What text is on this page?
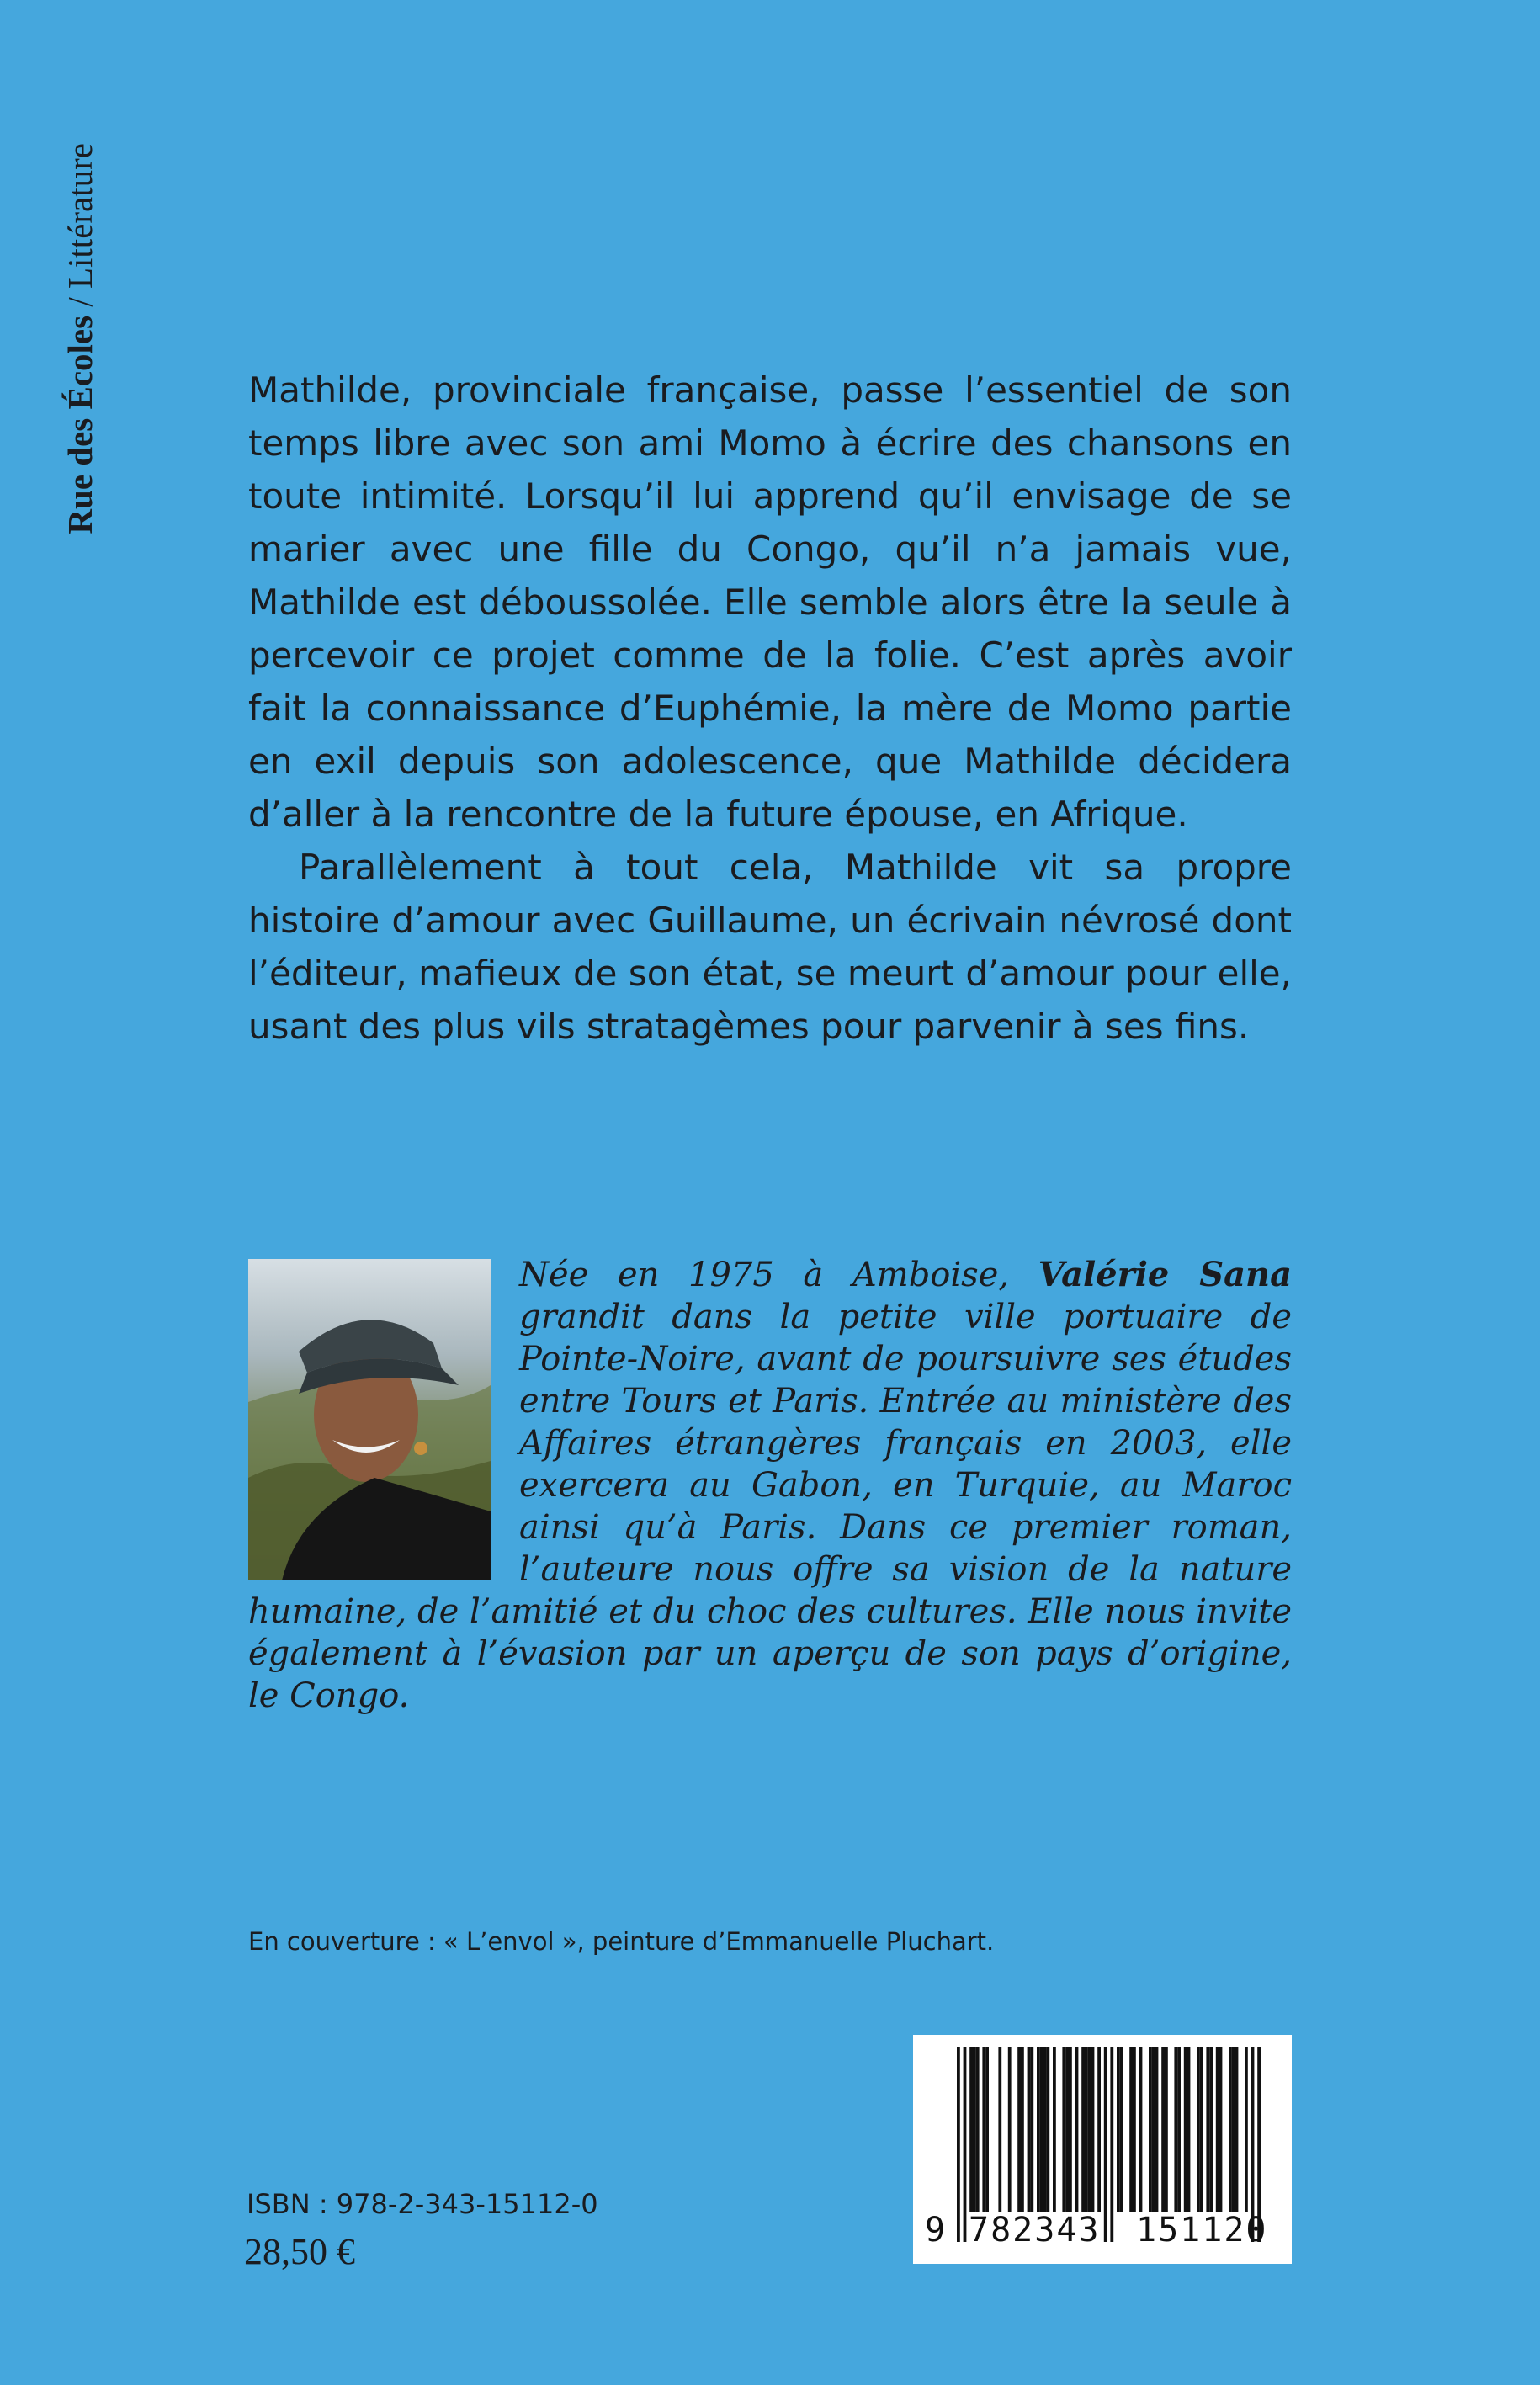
Rue des Écoles / Littérature

Mathilde, provinciale française, passe l’essentiel de son temps libre avec son ami Momo à écrire des chansons en toute intimité. Lorsqu’il lui apprend qu’il envisage de se marier avec une fille du Congo, qu’il n’a jamais vue, Mathilde est déboussolée. Elle semble alors être la seule à percevoir ce projet comme de la folie. C’est après avoir fait la connaissance d’Euphémie, la mère de Momo partie en exil depuis son adolescence, que Mathilde décidera d’aller à la rencontre de la future épouse, en Afrique.

Parallèlement à tout cela, Mathilde vit sa propre histoire d’amour avec Guillaume, un écrivain névrosé dont l’éditeur, mafieux de son état, se meurt d’amour pour elle, usant des plus vils stratagèmes pour parvenir à ses fins.

Née en 1975 à Amboise, Valérie Sana grandit dans la petite ville portuaire de Pointe-Noire, avant de poursuivre ses études entre Tours et Paris. Entrée au ministère des Affaires étrangères français en 2003, elle exercera au Gabon, en Turquie, au Maroc ainsi qu’à Paris. Dans ce premier roman, l’auteure nous offre sa vision de la nature humaine, de l’amitié et du choc des cultures. Elle nous invite également à l’évasion par un aperçu de son pays d’origine, le Congo.
En couverture : « L’envol », peinture d’Emmanuelle Pluchart.
9 782343 151120
ISBN : 978-2-343-15112-0
28,50 €
